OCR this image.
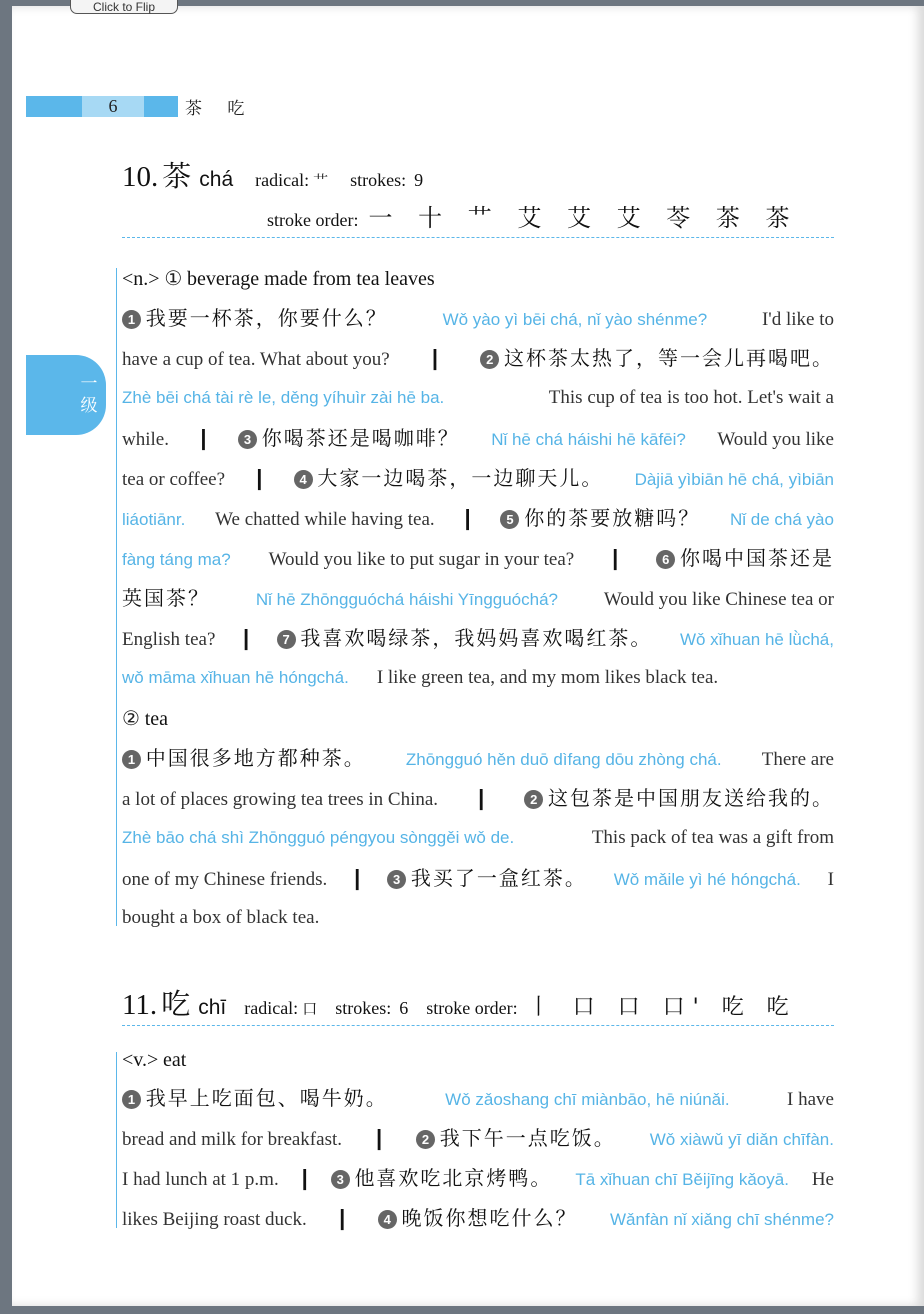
Click to Flip
6	茶 吃
一级
10. 茶 chá radical: 艹 strokes: 9
stroke order: 一 十 艹 艾 艾 艾 苓 茶 茶
<n.>
①
beverage made from tea leaves
1 我要一杯茶，你要什么？	Wǒ yào yì bēi chá, nǐ yào shénme?	I'd like to
have a cup of tea. What about you? |	2 这杯茶太热了，等一会儿再喝吧。
Zhè bēi chá tài rè le, děng yíhuìr zài hē ba.	This cup of tea is too hot. Let's wait a
while. |	3 你喝茶还是喝咖啡？ Nǐ hē chá háishi hē kāfēi? Would you like
tea or coffee? |	4 大家一边喝茶，一边聊天儿。 Dàjiā yìbiān hē chá, yìbiān
liáotiānr. We chatted while having tea. |	5 你的茶要放糖吗？ Nǐ de chá yào
fàng táng ma? Would you like to put sugar in your tea? |	6 你喝中国茶还是
英国茶？	Nǐ hē Zhōngguóchá háishi Yīngguóchá? Would you like Chinese tea or
English tea? |	7 我喜欢喝绿茶，我妈妈喜欢喝红茶。 Wǒ xǐhuan hē lǜchá,
wǒ māma xǐhuan hē hóngchá. I like green tea, and my mom likes black tea.
②
tea
1 中国很多地方都种茶。 Zhōngguó hěn duō dìfang dōu zhòng chá. There are
a lot of places growing tea trees in China. |	2 这包茶是中国朋友送给我的。
Zhè bāo chá shì Zhōngguó péngyou sònggěi wǒ de.	This pack of tea was a gift from
one of my Chinese friends. |	3 我买了一盒红茶。 Wǒ mǎile yì hé hóngchá. I
bought a box of black tea.
11. 吃 chī radical: 口 strokes: 6 stroke order: 丨 口 口 口' 吃 吃
<v.>
eat
1 我早上吃面包、喝牛奶。	Wǒ zǎoshang chī miànbāo, hē niúnǎi.	I have
bread and milk for breakfast. |	2 我下午一点吃饭。 Wǒ xiàwǔ yī diǎn chīfàn.
I had lunch at 1 p.m. |	3 他喜欢吃北京烤鸭。 Tā xǐhuan chī Běijīng kǎoyā. He
likes Beijing roast duck. |	4 晚饭你想吃什么？ Wǎnfàn nǐ xiǎng chī shénme?
